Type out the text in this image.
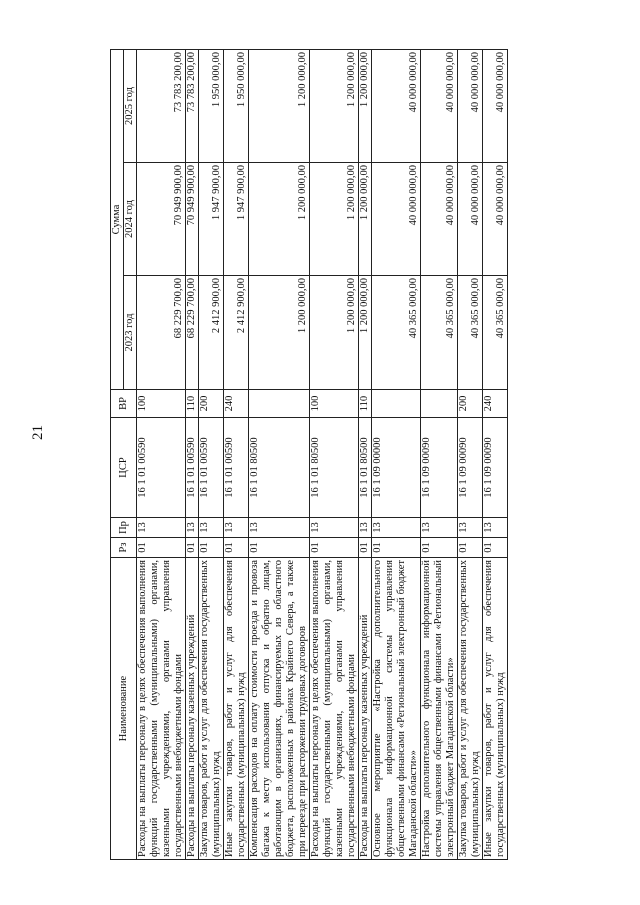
21
Наименование	Рз	Пр	ЦСР	ВР	Сумма		
					2023 год	2024 год	2025 год
Расходы на выплаты персоналу в целях обеспечения выполнения функций государственными (муниципальными) органами, казенными учреждениями, органами управления государственными внебюджетными фондами	01	13	16 1 01 00590	100	68 229 700,00	70 949 900,00	73 783 200,00
Расходы на выплаты персоналу казенных учреждений	01	13	16 1 01 00590	110	68 229 700,00	70 949 900,00	73 783 200,00
Закупка товаров, работ и услуг для обеспечения государственных (муниципальных) нужд	01	13	16 1 01 00590	200	2 412 900,00	1 947 900,00	1 950 000,00
Иные закупки товаров, работ и услуг для обеспечения государственных (муниципальных) нужд	01	13	16 1 01 00590	240	2 412 900,00	1 947 900,00	1 950 000,00
Компенсация расходов на оплату стоимости проезда и провоза багажа к месту использования отпуска и обратно лицам, работающим в организациях, финансируемых из областного бюджета, расположенных в районах Крайнего Севера, а также при переезде при расторжении трудовых договоров	01	13	16 1 01 80500		1 200 000,00	1 200 000,00	1 200 000,00
Расходы на выплаты персоналу в целях обеспечения выполнения функций государственными (муниципальными) органами, казенными учреждениями, органами управления государственными внебюджетными фондами	01	13	16 1 01 80500	100	1 200 000,00	1 200 000,00	1 200 000,00
Расходы на выплаты персоналу казенных учреждений	01	13	16 1 01 80500	110	1 200 000,00	1 200 000,00	1 200 000,00
Основное мероприятие «Настройка дополнительного функционала информационной системы управления общественными финансами «Региональный электронный бюджет Магаданской области»»	01	13	16 1 09 00000		40 365 000,00	40 000 000,00	40 000 000,00
Настройка дополнительного функционала информационной системы управления общественными финансами «Региональный электронный бюджет Магаданской области»	01	13	16 1 09 00090		40 365 000,00	40 000 000,00	40 000 000,00
Закупка товаров, работ и услуг для обеспечения государственных (муниципальных) нужд	01	13	16 1 09 00090	200	40 365 000,00	40 000 000,00	40 000 000,00
Иные закупки товаров, работ и услуг для обеспечения государственных (муниципальных) нужд	01	13	16 1 09 00090	240	40 365 000,00	40 000 000,00	40 000 000,00
